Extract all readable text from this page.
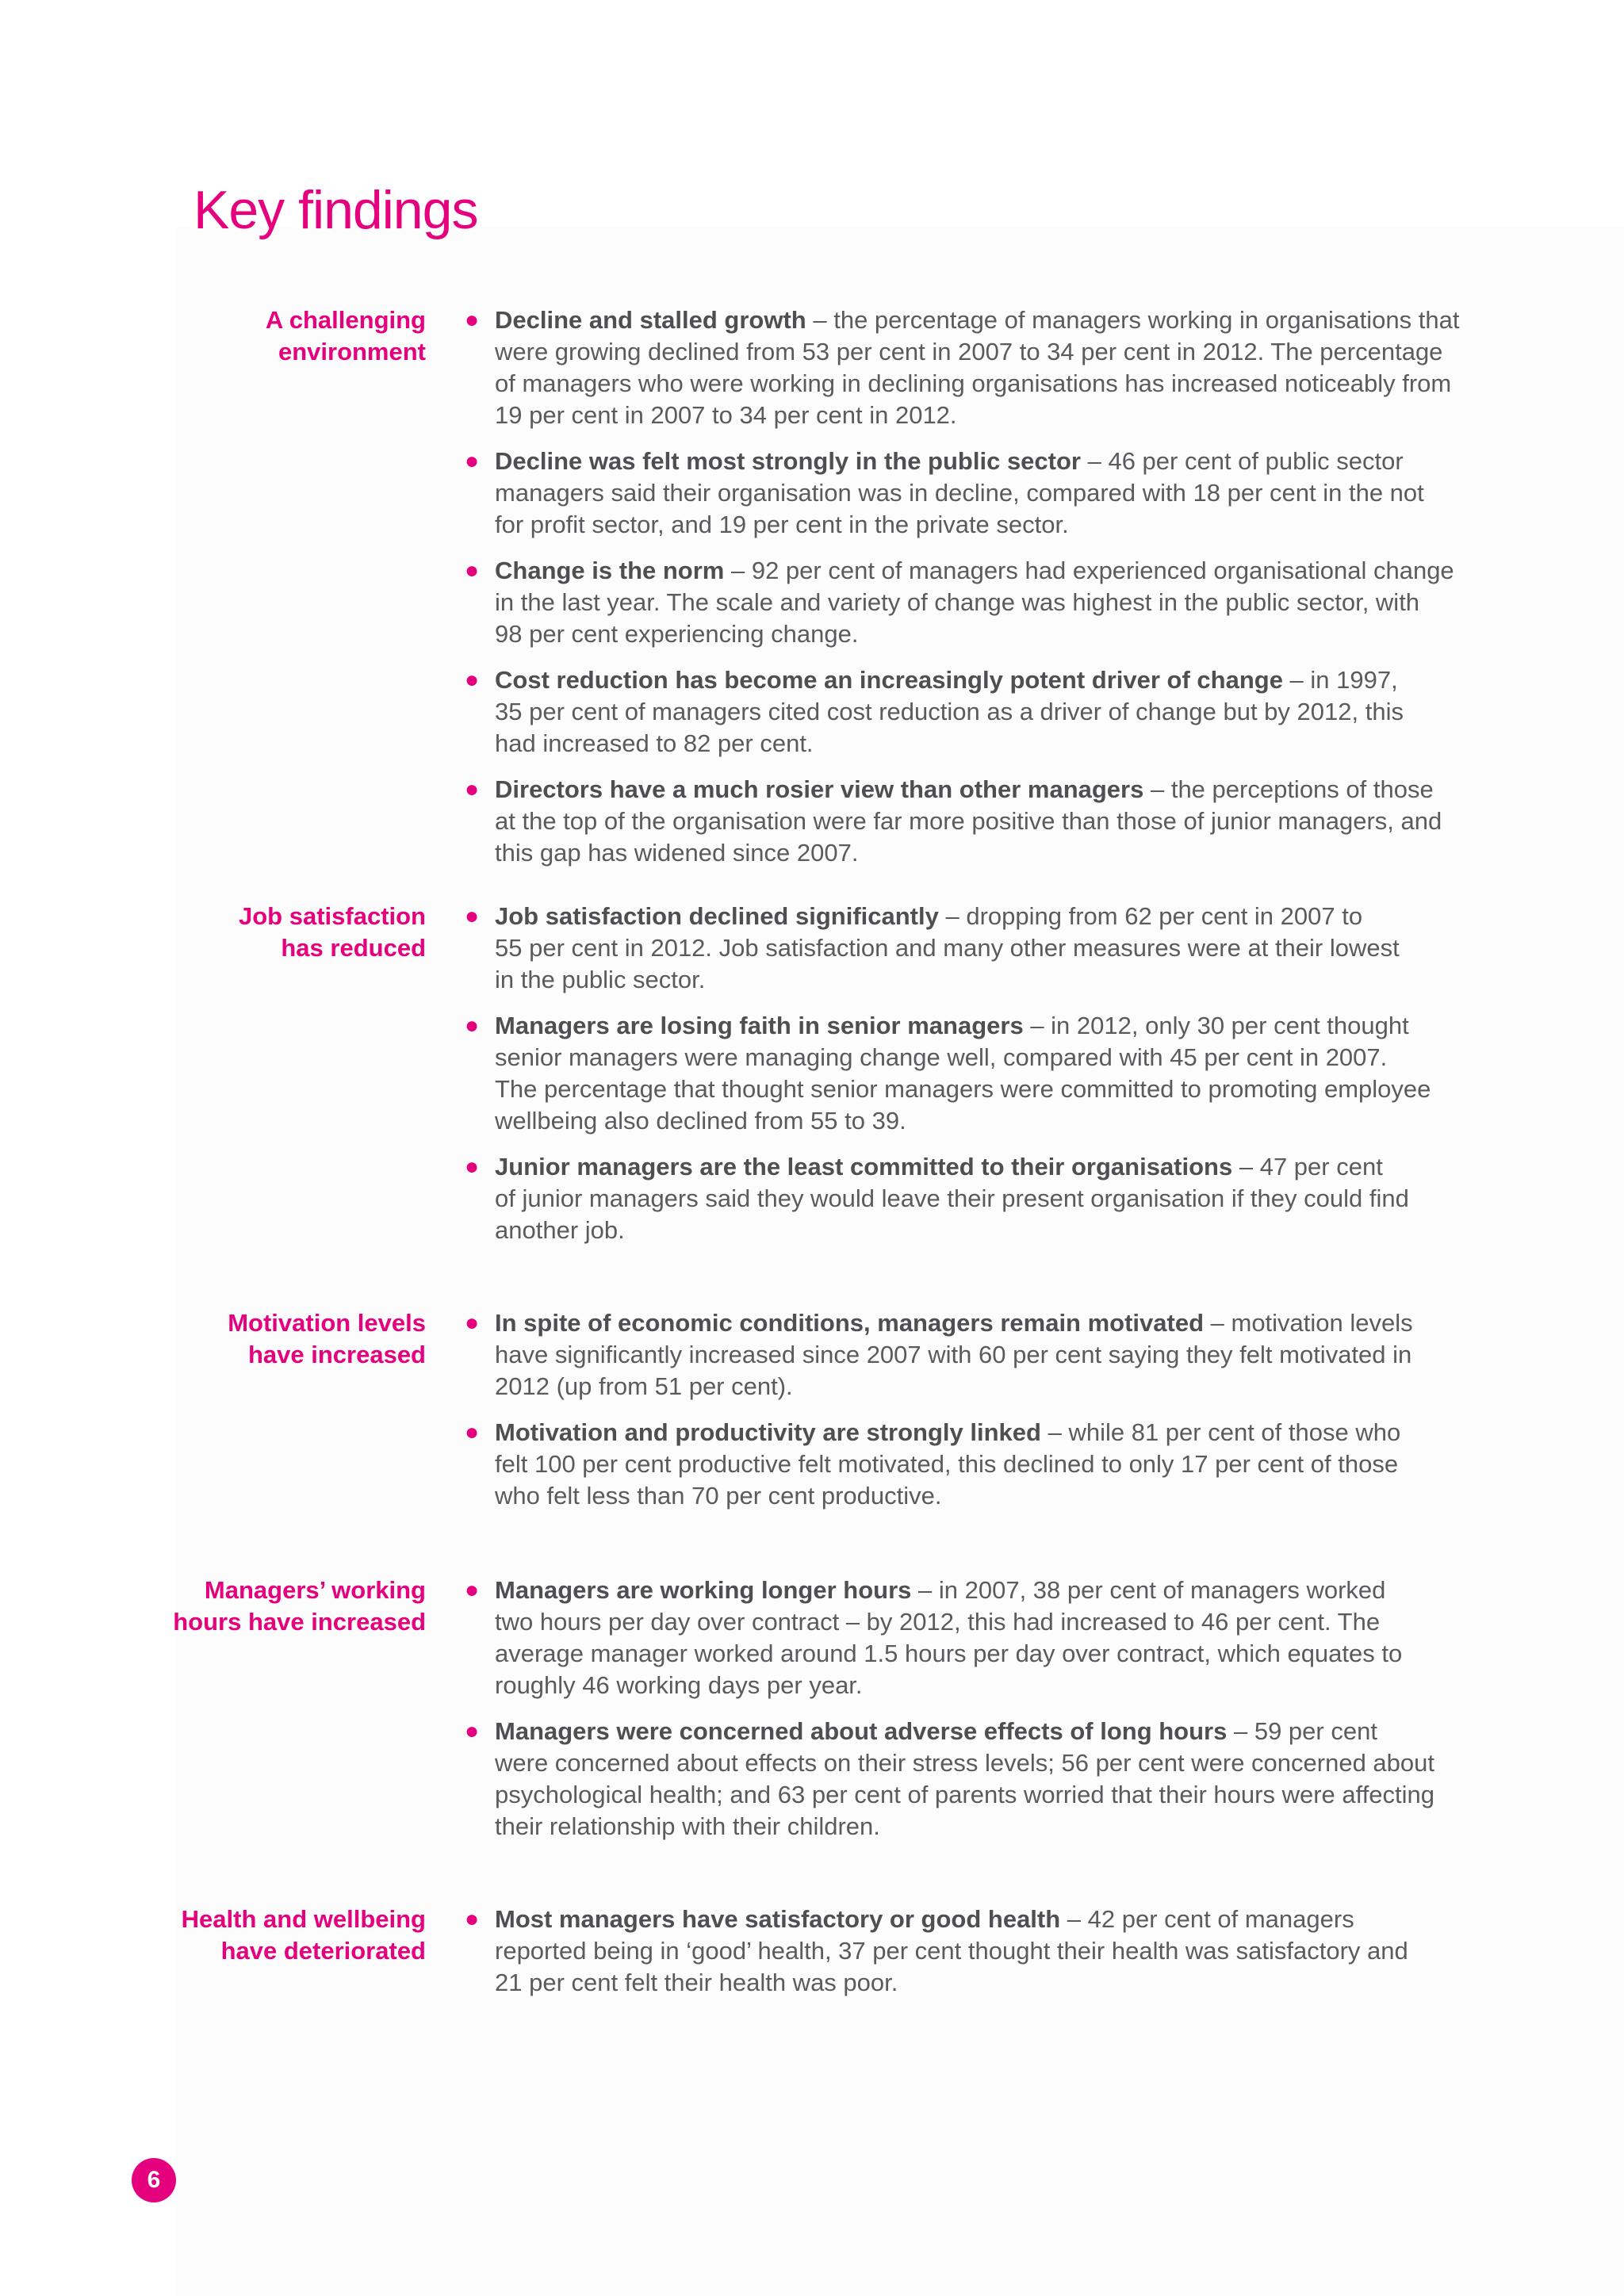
Key findings
A challenging
environment
● Decline and stalled growth – the percentage of managers working in organisations that
were growing declined from 53 per cent in 2007 to 34 per cent in 2012. The percentage
of managers who were working in declining organisations has increased noticeably from
19 per cent in 2007 to 34 per cent in 2012.
● Decline was felt most strongly in the public sector – 46 per cent of public sector
managers said their organisation was in decline, compared with 18 per cent in the not
for profit sector, and 19 per cent in the private sector.
● Change is the norm – 92 per cent of managers had experienced organisational change
in the last year. The scale and variety of change was highest in the public sector, with
98 per cent experiencing change.
● Cost reduction has become an increasingly potent driver of change – in 1997,
35 per cent of managers cited cost reduction as a driver of change but by 2012, this
had increased to 82 per cent.
● Directors have a much rosier view than other managers – the perceptions of those
at the top of the organisation were far more positive than those of junior managers, and
this gap has widened since 2007.
Job satisfaction
has reduced
● Job satisfaction declined significantly – dropping from 62 per cent in 2007 to
55 per cent in 2012. Job satisfaction and many other measures were at their lowest
in the public sector.
● Managers are losing faith in senior managers – in 2012, only 30 per cent thought
senior managers were managing change well, compared with 45 per cent in 2007.
The percentage that thought senior managers were committed to promoting employee
wellbeing also declined from 55 to 39.
● Junior managers are the least committed to their organisations – 47 per cent
of junior managers said they would leave their present organisation if they could find
another job.
Motivation levels
have increased
● In spite of economic conditions, managers remain motivated – motivation levels
have significantly increased since 2007 with 60 per cent saying they felt motivated in
2012 (up from 51 per cent).
● Motivation and productivity are strongly linked – while 81 per cent of those who
felt 100 per cent productive felt motivated, this declined to only 17 per cent of those
who felt less than 70 per cent productive.
Managers’ working
hours have increased
● Managers are working longer hours – in 2007, 38 per cent of managers worked
two hours per day over contract – by 2012, this had increased to 46 per cent. The
average manager worked around 1.5 hours per day over contract, which equates to
roughly 46 working days per year.
● Managers were concerned about adverse effects of long hours – 59 per cent
were concerned about effects on their stress levels; 56 per cent were concerned about
psychological health; and 63 per cent of parents worried that their hours were affecting
their relationship with their children.
Health and wellbeing
have deteriorated
● Most managers have satisfactory or good health – 42 per cent of managers
reported being in ‘good’ health, 37 per cent thought their health was satisfactory and
21 per cent felt their health was poor.
6
